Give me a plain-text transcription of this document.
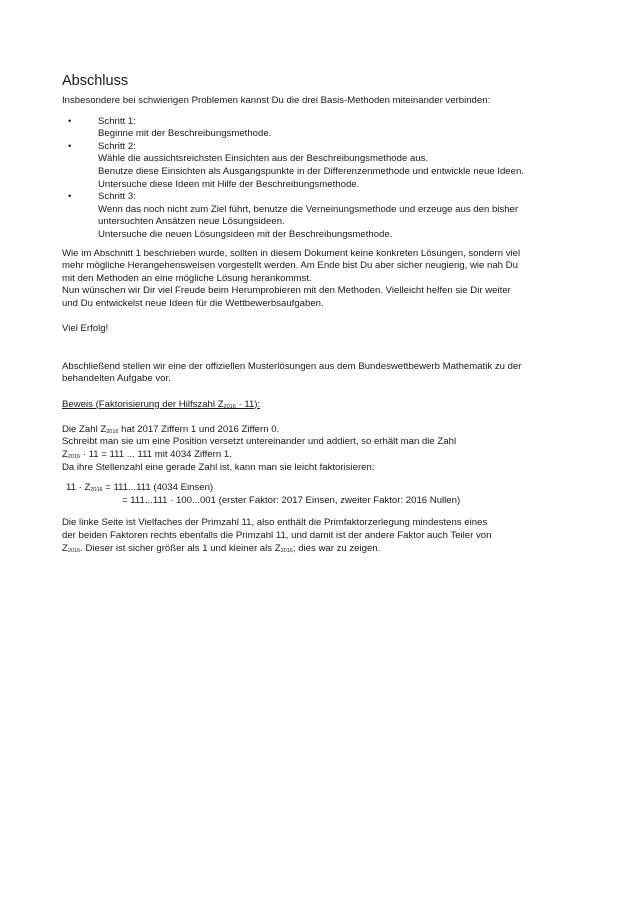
Abschluss

Insbesondere bei schwierigen Problemen kannst Du die drei Basis-Methoden miteinander verbinden:

•	Schritt 1:
Beginne mit der Beschreibungsmethode.
•	Schritt 2:
Wähle die aussichtsreichsten Einsichten aus der Beschreibungsmethode aus.
Benutze diese Einsichten als Ausgangspunkte in der Differenzenmethode und entwickle neue Ideen.
Untersuche diese Ideen mit Hilfe der Beschreibungsmethode.
•	Schritt 3:
Wenn das noch nicht zum Ziel führt, benutze die Verneinungsmethode und erzeuge aus den bisher
untersuchten Ansätzen neue Lösungsideen.
Untersuche die neuen Lösungsideen mit der Beschreibungsmethode.
Wie im Abschnitt 1 beschrieben wurde, sollten in diesem Dokument keine konkreten Lösungen, sondern viel
mehr mögliche Herangehensweisen vorgestellt werden. Am Ende bist Du aber sicher neugierig, wie nah Du
mit den Methoden an eine mögliche Lösung herankommst.
Nun wünschen wir Dir viel Freude beim Herumprobieren mit den Methoden. Vielleicht helfen sie Dir weiter
und Du entwickelst neue Ideen für die Wettbewerbsaufgaben.

Viel Erfolg!

Abschließend stellen wir eine der offiziellen Musterlösungen aus dem Bundeswettbewerb Mathematik zu der
behandelten Aufgabe vor.
Beweis (Faktorisierung der Hilfszahl $Z_{2016} \cdot 11$):
Die Zahl $Z_{2016}$ hat 2017 Ziffern 1 und 2016 Ziffern 0.
Schreibt man sie um eine Position versetzt untereinander und addiert, so erhält man die Zahl
$Z_{2016} \cdot 11 = 111$ ... 111 mit 4034 Ziffern 1.
Da ihre Stellenzahl eine gerade Zahl ist, kann man sie leicht faktorisieren:
$11 \cdot Z_{2016} = 111...111$ (4034 Einsen)
= 111...111 · 100...001 (erster Faktor: 2017 Einsen, zweiter Faktor: 2016 Nullen)
Die linke Seite ist Vielfaches der Primzahl 11, also enthält die Primfaktorzerlegung mindestens eines
der beiden Faktoren rechts ebenfalls die Primzahl 11, und damit ist der andere Faktor auch Teiler von
$Z_{2016}$. Dieser ist sicher größer als 1 und kleiner als $Z_{2016}$; dies war zu zeigen.
